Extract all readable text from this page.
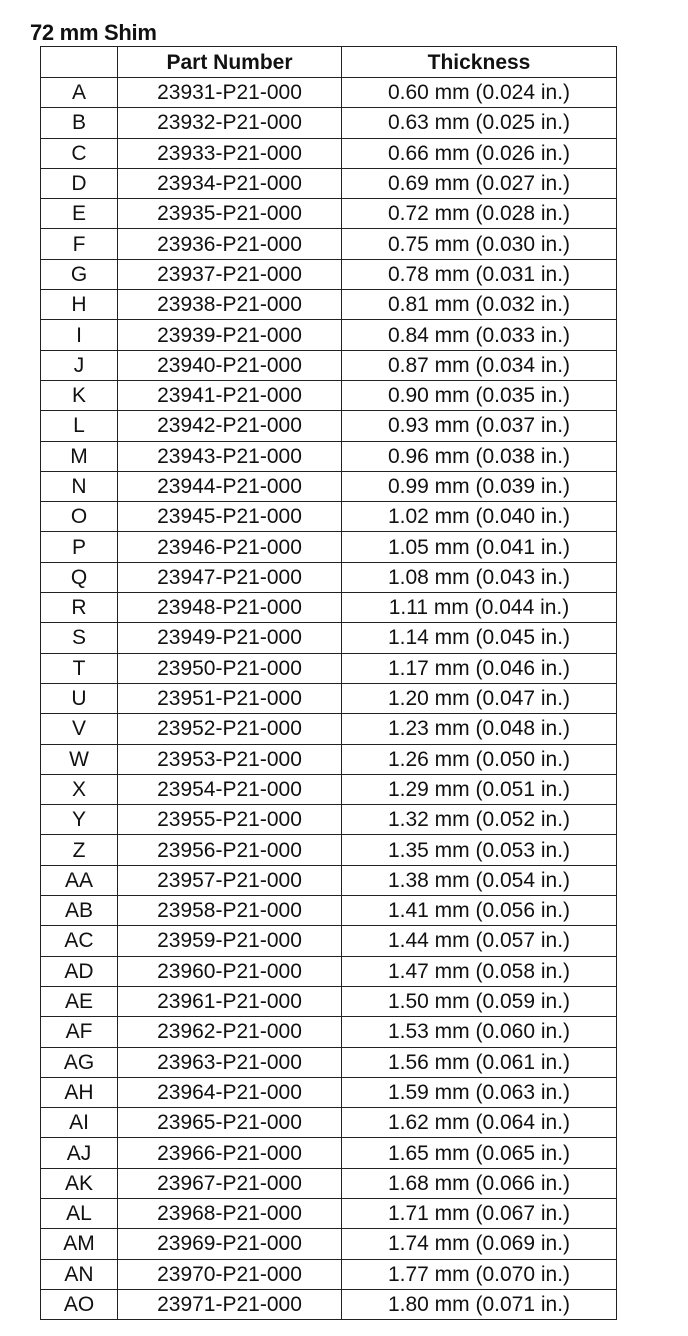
72 mm Shim
	Part Number	Thickness
A	23931-P21-000	0.60 mm (0.024 in.)
B	23932-P21-000	0.63 mm (0.025 in.)
C	23933-P21-000	0.66 mm (0.026 in.)
D	23934-P21-000	0.69 mm (0.027 in.)
E	23935-P21-000	0.72 mm (0.028 in.)
F	23936-P21-000	0.75 mm (0.030 in.)
G	23937-P21-000	0.78 mm (0.031 in.)
H	23938-P21-000	0.81 mm (0.032 in.)
I	23939-P21-000	0.84 mm (0.033 in.)
J	23940-P21-000	0.87 mm (0.034 in.)
K	23941-P21-000	0.90 mm (0.035 in.)
L	23942-P21-000	0.93 mm (0.037 in.)
M	23943-P21-000	0.96 mm (0.038 in.)
N	23944-P21-000	0.99 mm (0.039 in.)
O	23945-P21-000	1.02 mm (0.040 in.)
P	23946-P21-000	1.05 mm (0.041 in.)
Q	23947-P21-000	1.08 mm (0.043 in.)
R	23948-P21-000	1.11 mm (0.044 in.)
S	23949-P21-000	1.14 mm (0.045 in.)
T	23950-P21-000	1.17 mm (0.046 in.)
U	23951-P21-000	1.20 mm (0.047 in.)
V	23952-P21-000	1.23 mm (0.048 in.)
W	23953-P21-000	1.26 mm (0.050 in.)
X	23954-P21-000	1.29 mm (0.051 in.)
Y	23955-P21-000	1.32 mm (0.052 in.)
Z	23956-P21-000	1.35 mm (0.053 in.)
AA	23957-P21-000	1.38 mm (0.054 in.)
AB	23958-P21-000	1.41 mm (0.056 in.)
AC	23959-P21-000	1.44 mm (0.057 in.)
AD	23960-P21-000	1.47 mm (0.058 in.)
AE	23961-P21-000	1.50 mm (0.059 in.)
AF	23962-P21-000	1.53 mm (0.060 in.)
AG	23963-P21-000	1.56 mm (0.061 in.)
AH	23964-P21-000	1.59 mm (0.063 in.)
AI	23965-P21-000	1.62 mm (0.064 in.)
AJ	23966-P21-000	1.65 mm (0.065 in.)
AK	23967-P21-000	1.68 mm (0.066 in.)
AL	23968-P21-000	1.71 mm (0.067 in.)
AM	23969-P21-000	1.74 mm (0.069 in.)
AN	23970-P21-000	1.77 mm (0.070 in.)
AO	23971-P21-000	1.80 mm (0.071 in.)
